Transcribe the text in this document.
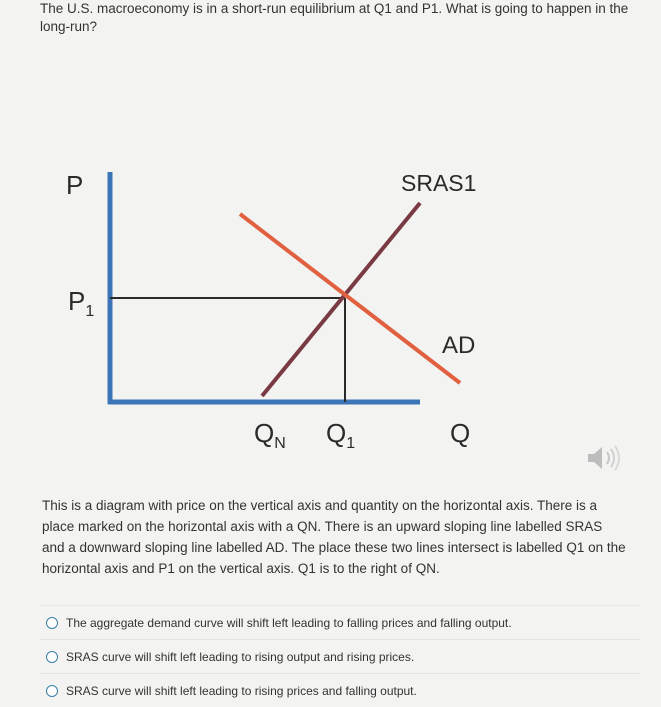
The U.S. macroeconomy is in a short-run equilibrium at Q1 and P1. What is going to happen in the long-run?
P
$P_1$
SRAS1
AD
$Q_N$ $Q_1$	Q
This is a diagram with price on the vertical axis and quantity on the horizontal axis. There is a place marked on the horizontal axis with a QN. There is an upward sloping line labelled SRAS and a downward sloping line labelled AD. The place these two lines intersect is labelled Q1 on the horizontal axis and P1 on the vertical axis. Q1 is to the right of QN.
The aggregate demand curve will shift left leading to falling prices and falling output.
SRAS curve will shift left leading to rising output and rising prices.
SRAS curve will shift left leading to rising prices and falling output.
